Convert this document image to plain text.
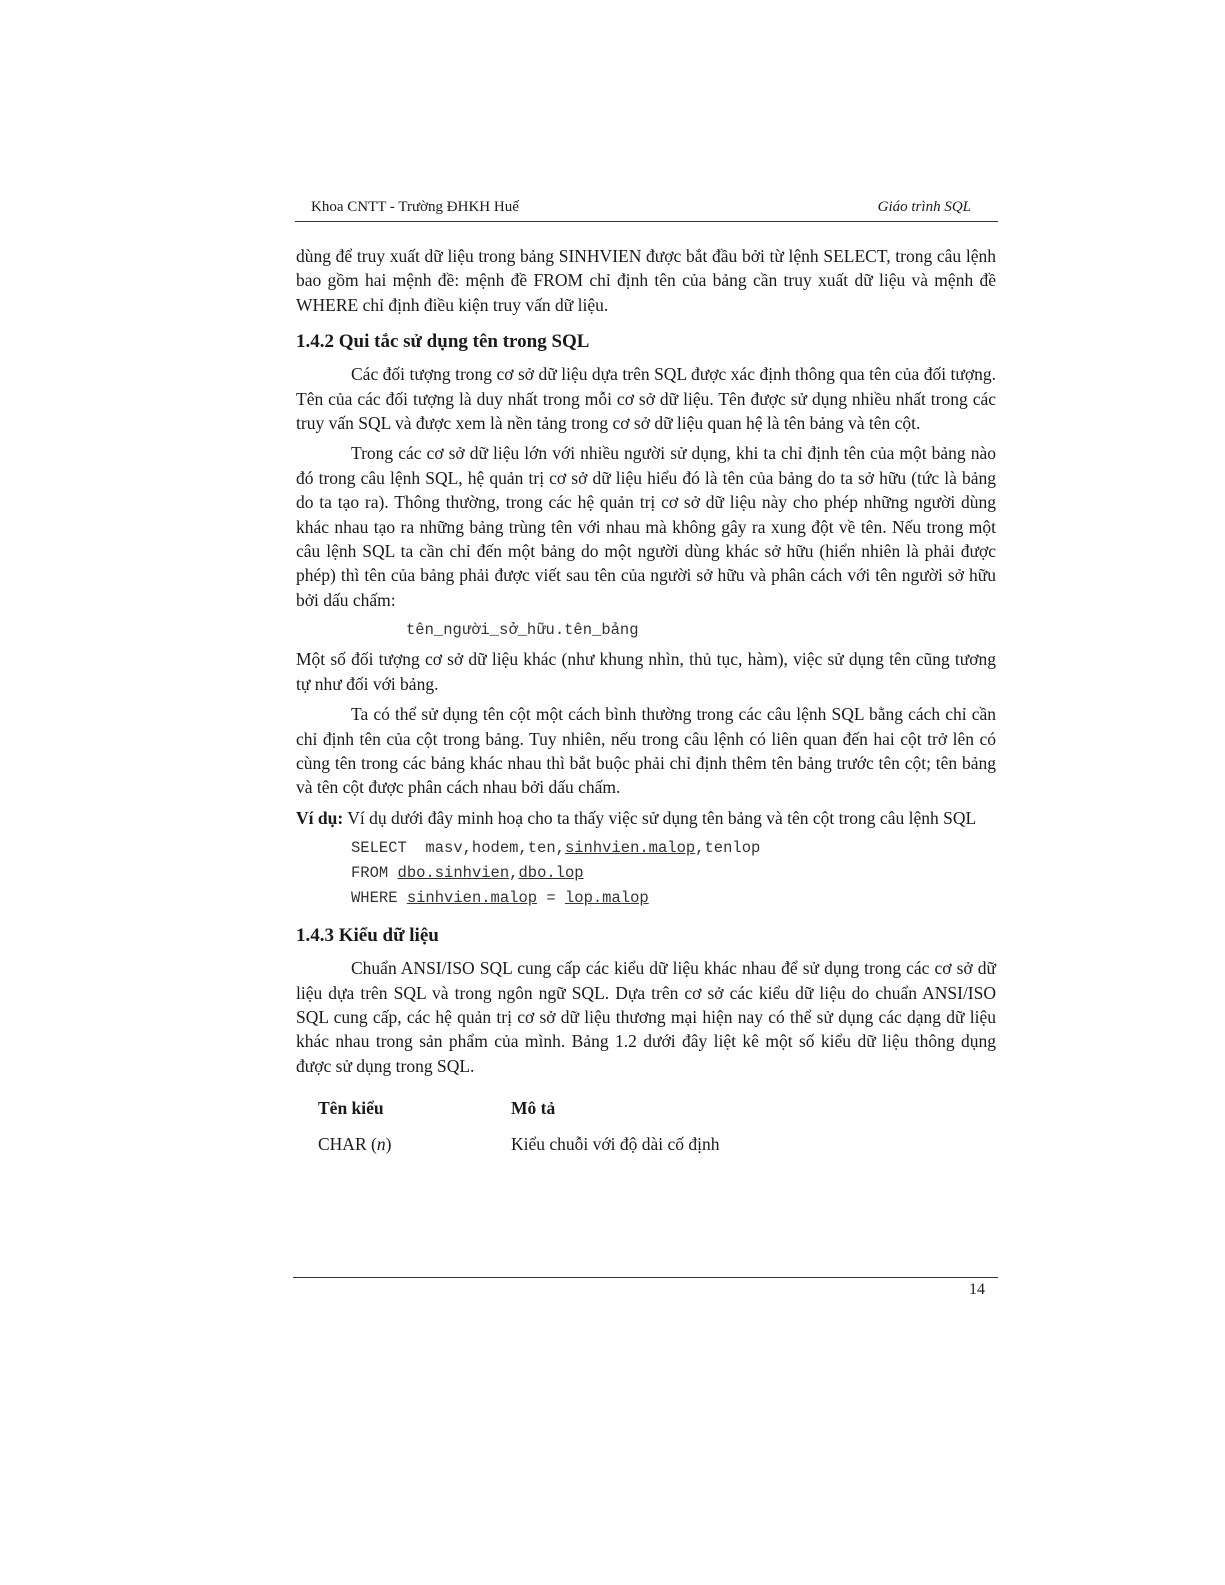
Khoa CNTT - Trường ĐHKH Huế	Giáo trình SQL

dùng để truy xuất dữ liệu trong bảng SINHVIEN được bắt đầu bởi từ lệnh SELECT, trong câu lệnh bao gồm hai mệnh đề: mệnh đề FROM chỉ định tên của bảng cần truy xuất dữ liệu và mệnh đề WHERE chỉ định điều kiện truy vấn dữ liệu.

1.4.2 Qui tắc sử dụng tên trong SQL

Các đối tượng trong cơ sở dữ liệu dựa trên SQL được xác định thông qua tên của đối tượng. Tên của các đối tượng là duy nhất trong mỗi cơ sở dữ liệu. Tên được sử dụng nhiều nhất trong các truy vấn SQL và được xem là nền tảng trong cơ sở dữ liệu quan hệ là tên bảng và tên cột.

Trong các cơ sở dữ liệu lớn với nhiều người sử dụng, khi ta chỉ định tên của một bảng nào đó trong câu lệnh SQL, hệ quản trị cơ sở dữ liệu hiểu đó là tên của bảng do ta sở hữu (tức là bảng do ta tạo ra). Thông thường, trong các hệ quản trị cơ sở dữ liệu này cho phép những người dùng khác nhau tạo ra những bảng trùng tên với nhau mà không gây ra xung đột về tên. Nếu trong một câu lệnh SQL ta cần chỉ đến một bảng do một người dùng khác sở hữu (hiển nhiên là phải được phép) thì tên của bảng phải được viết sau tên của người sở hữu và phân cách với tên người sở hữu bởi dấu chấm:

tên_người_sở_hữu.tên_bảng

Một số đối tượng cơ sở dữ liệu khác (như khung nhìn, thủ tục, hàm), việc sử dụng tên cũng tương tự như đối với bảng.

Ta có thể sử dụng tên cột một cách bình thường trong các câu lệnh SQL bằng cách chỉ cần chỉ định tên của cột trong bảng. Tuy nhiên, nếu trong câu lệnh có liên quan đến hai cột trở lên có cùng tên trong các bảng khác nhau thì bắt buộc phải chỉ định thêm tên bảng trước tên cột; tên bảng và tên cột được phân cách nhau bởi dấu chấm.

Ví dụ: Ví dụ dưới đây minh hoạ cho ta thấy việc sử dụng tên bảng và tên cột trong câu lệnh SQL

SELECT  masv,hodem,ten,sinhvien.malop,tenlop
FROM dbo.sinhvien,dbo.lop
WHERE sinhvien.malop = lop.malop
1.4.3 Kiểu dữ liệu

Chuẩn ANSI/ISO SQL cung cấp các kiểu dữ liệu khác nhau để sử dụng trong các cơ sở dữ liệu dựa trên SQL và trong ngôn ngữ SQL. Dựa trên cơ sở các kiểu dữ liệu do chuẩn ANSI/ISO SQL cung cấp, các hệ quản trị cơ sở dữ liệu thương mại hiện nay có thể sử dụng các dạng dữ liệu khác nhau trong sản phẩm của mình. Bảng 1.2 dưới đây liệt kê một số kiểu dữ liệu thông dụng được sử dụng trong SQL.

Tên kiểu	Mô tả
CHAR (n)	Kiểu chuỗi với độ dài cố định
14
